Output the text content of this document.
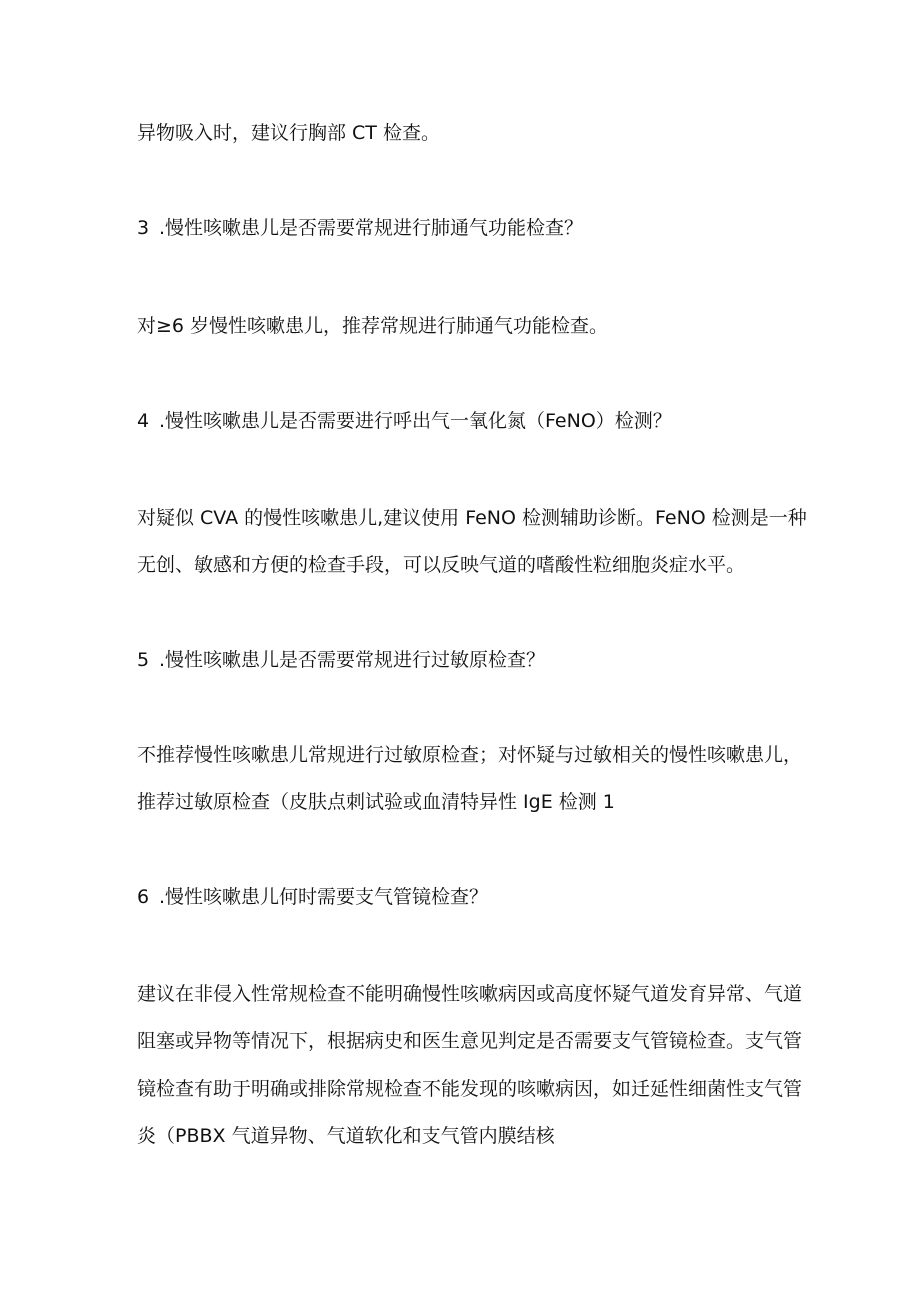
异物吸入时，建议行胸部 CT 检查。

3 .慢性咳嗽患儿是否需要常规进行肺通气功能检查？

对≥6 岁慢性咳嗽患儿，推荐常规进行肺通气功能检查。

4 .慢性咳嗽患儿是否需要进行呼出气一氧化氮（FeNO）检测？

对疑似 CVA 的慢性咳嗽患儿,建议使用 FeNO 检测辅助诊断。FeNO 检测是一种

无创、敏感和方便的检查手段，可以反映气道的嗜酸性粒细胞炎症水平。

5 .慢性咳嗽患儿是否需要常规进行过敏原检查？

不推荐慢性咳嗽患儿常规进行过敏原检查；对怀疑与过敏相关的慢性咳嗽患儿，

推荐过敏原检查（皮肤点刺试验或血清特异性 IgE 检测 1

6 .慢性咳嗽患儿何时需要支气管镜检查？

建议在非侵入性常规检查不能明确慢性咳嗽病因或高度怀疑气道发育异常、气道

阻塞或异物等情况下，根据病史和医生意见判定是否需要支气管镜检查。支气管

镜检查有助于明确或排除常规检查不能发现的咳嗽病因，如迁延性细菌性支气管

炎（PBBX 气道异物、气道软化和支气管内膜结核
